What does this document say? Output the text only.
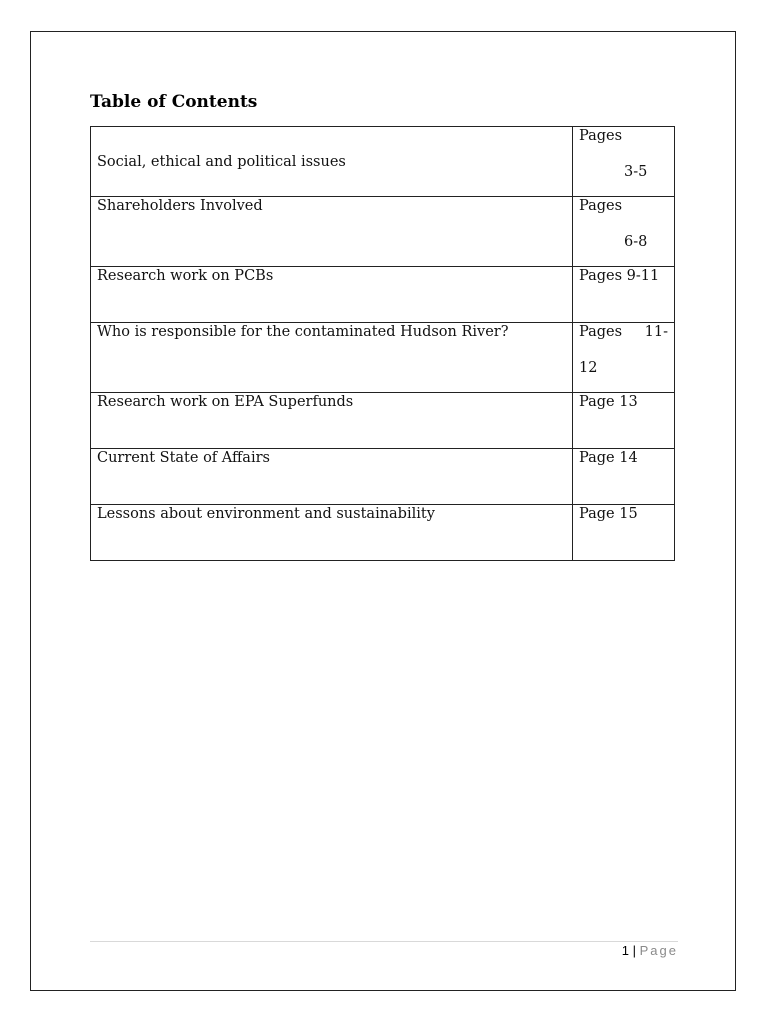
Table of Contents
Social, ethical and political issues	Pages
3-5

Shareholders Involved	Pages
6-8

Research work on PCBs	Pages 9-11

Who is responsible for the contaminated Hudson River?	Pages 11-
12

Research work on EPA Superfunds	Page 13

Current State of Affairs	Page 14

Lessons about environment and sustainability	Page 15
1 | Page
